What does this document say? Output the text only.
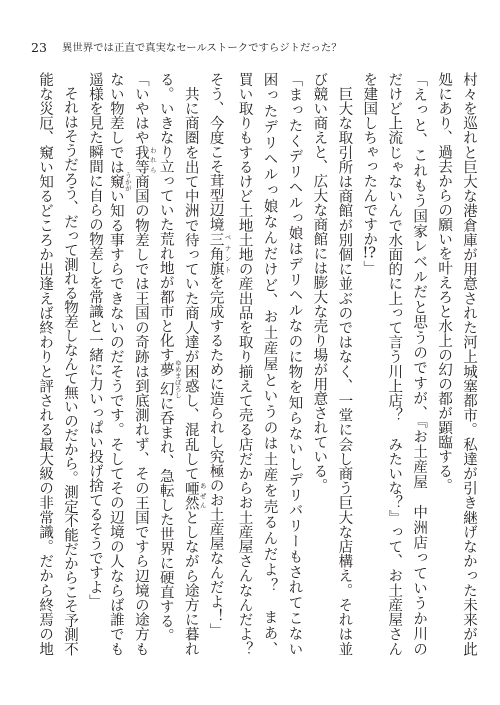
23 異世界では正直で真実なセールストークですらジトだった？
村々を巡れと巨大な港倉庫が用意された河上城塞都市。私達が引き継げなかった未来が此
処にあり、過去からの願いを叶えろと水上の幻の都が顕臨する。
「えっと、これもう国家レベルだと思うのですが、『お土産屋　中洲店っていうか川の
だけど上流じゃないんで水面的に上って言う川上店？　みたいな？』って、お土産屋さん
を建国しちゃったんですか!?」
　巨大な取引所は商館が別個に並ぶのではなく、一堂に会し商う巨大な店構え。それは並
び競い商えと、広大な商館には膨大な売り場が用意されている。
「まったくデリヘルっ娘はデリヘルなのに物を知らないしデリバリーもされてこない
困ったデリヘルっ娘なんだけど、お土産屋というのは土産を売るんだよ？　まあ、
買い取りもするけど土地土地の産出品を取り揃えて売る店だからお土産屋さんなんだよ？
そう、今度こそ茸型辺境三角旗 ペナントを完成するために造られし究極のお土産屋なんだよ！」
　共に商圏を出て中洲で待っていた商人達が困惑し、混乱して唖然 あぜんとしながら途方に暮れ
る。いきなり立っていた荒れ地が都市と化す夢幻 ゆめまぼろしに呑まれ、急転した世界に硬直する。
「いやはや我等 われら商国の物差しでは王国の奇跡は到底測れず、その王国ですら辺境の途方も
ない物差しでは窺 うかがい知る事すらできないのだそうです。そしてその辺境の人ならば誰でも
遥様を見た瞬間に自らの物差しを常識と一緒に力いっぱい投げ捨てるそうですよ」
　それはそうだろう、だって測れる物差しなんて無いのだから。測定不能だからこそ予測不
能な災厄、窺い知るどころか出逢えば終わりと評される最大級の非常識。だから終焉の地
